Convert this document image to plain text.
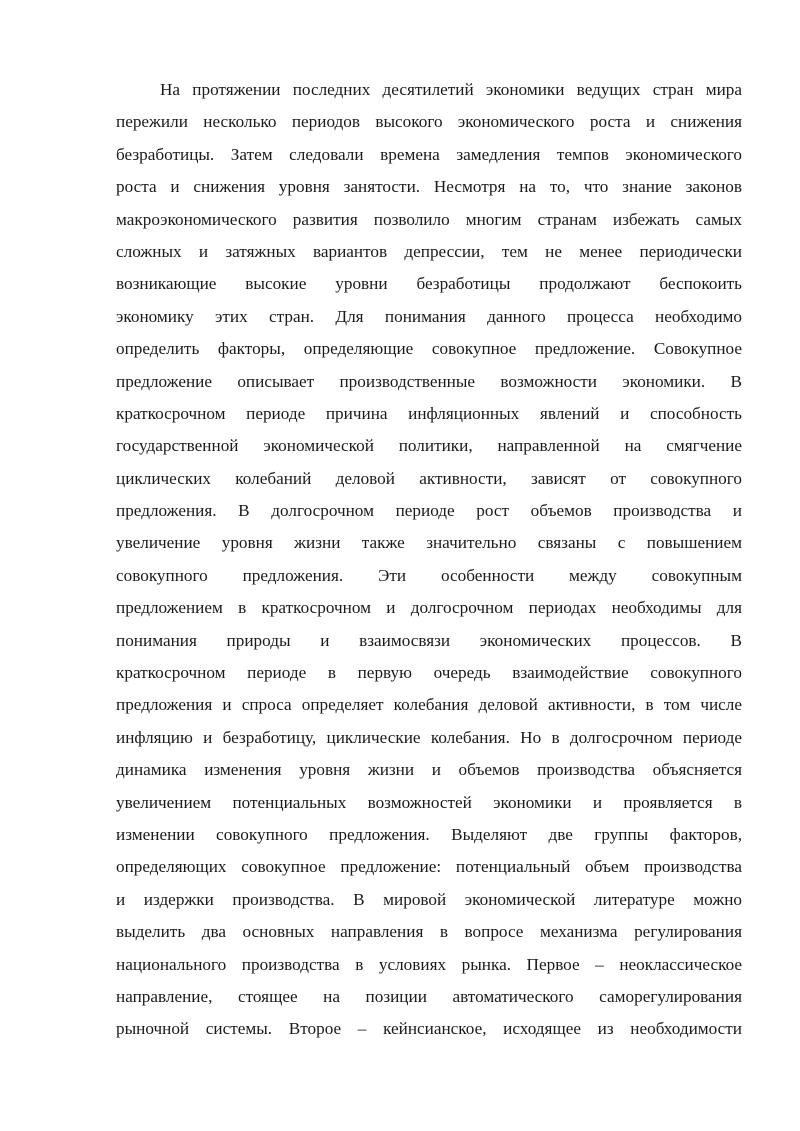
На протяжении последних десятилетий экономики ведущих стран мира
пережили несколько периодов высокого экономического роста и снижения
безработицы. Затем следовали времена замедления темпов экономического
роста и снижения уровня занятости. Несмотря на то, что знание законов
макроэкономического развития позволило многим странам избежать самых
сложных и затяжных вариантов депрессии, тем не менее периодически
возникающие высокие уровни безработицы продолжают беспокоить
экономику этих стран. Для понимания данного процесса необходимо
определить факторы, определяющие совокупное предложение. Совокупное
предложение описывает производственные возможности экономики. В
краткосрочном периоде причина инфляционных явлений и способность
государственной экономической политики, направленной на смягчение
циклических колебаний деловой активности, зависят от совокупного
предложения. В долгосрочном периоде рост объемов производства и
увеличение уровня жизни также значительно связаны с повышением
совокупного предложения. Эти особенности между совокупным
предложением в краткосрочном и долгосрочном периодах необходимы для
понимания природы и взаимосвязи экономических процессов. В
краткосрочном периоде в первую очередь взаимодействие совокупного
предложения и спроса определяет колебания деловой активности, в том числе
инфляцию и безработицу, циклические колебания. Но в долгосрочном периоде
динамика изменения уровня жизни и объемов производства объясняется
увеличением потенциальных возможностей экономики и проявляется в
изменении совокупного предложения. Выделяют две группы факторов,
определяющих совокупное предложение: потенциальный объем производства
и издержки производства. В мировой экономической литературе можно
выделить два основных направления в вопросе механизма регулирования
национального производства в условиях рынка. Первое – неоклассическое
направление, стоящее на позиции автоматического саморегулирования
рыночной системы. Второе – кейнсианское, исходящее из необходимости
